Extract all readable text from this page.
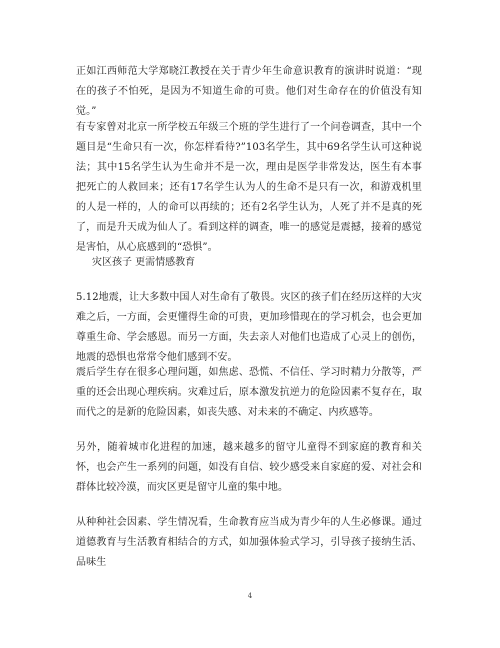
正如江西师范大学郑晓江教授在关于青少年生命意识教育的演讲时说道：“现在的孩子不怕死，是因为不知道生命的可贵。他们对生命存在的价值没有知觉。”

有专家曾对北京一所学校五年级三个班的学生进行了一个问卷调查，其中一个题目是“生命只有一次，你怎样看待?”103名学生，其中69名学生认可这种说法；其中15名学生认为生命并不是一次，理由是医学非常发达，医生有本事把死亡的人救回来；还有17名学生认为人的生命不是只有一次，和游戏机里的人是一样的，人的命可以再续的；还有2名学生认为，人死了并不是真的死了，而是升天成为仙人了。看到这样的调查，唯一的感觉是震撼，接着的感觉是害怕，从心底感到的“恐惧”。

灾区孩子 更需情感教育

5.12地震，让大多数中国人对生命有了敬畏。灾区的孩子们在经历这样的大灾难之后，一方面，会更懂得生命的可贵，更加珍惜现在的学习机会，也会更加尊重生命、学会感恩。而另一方面，失去亲人对他们也造成了心灵上的创伤，地震的恐惧也常常令他们感到不安。

震后学生存在很多心理问题，如焦虑、恐慌、不信任、学习时精力分散等，严重的还会出现心理疾病。灾难过后，原本激发抗逆力的危险因素不复存在，取而代之的是新的危险因素，如丧失感、对未来的不确定、内疚感等。

另外，随着城市化进程的加速，越来越多的留守儿童得不到家庭的教育和关怀，也会产生一系列的问题，如没有自信、较少感受来自家庭的爱、对社会和群体比较冷漠，而灾区更是留守儿童的集中地。

从种种社会因素、学生情况看，生命教育应当成为青少年的人生必修课。通过道德教育与生活教育相结合的方式，如加强体验式学习，引导孩子接纳生活、品味生

4
